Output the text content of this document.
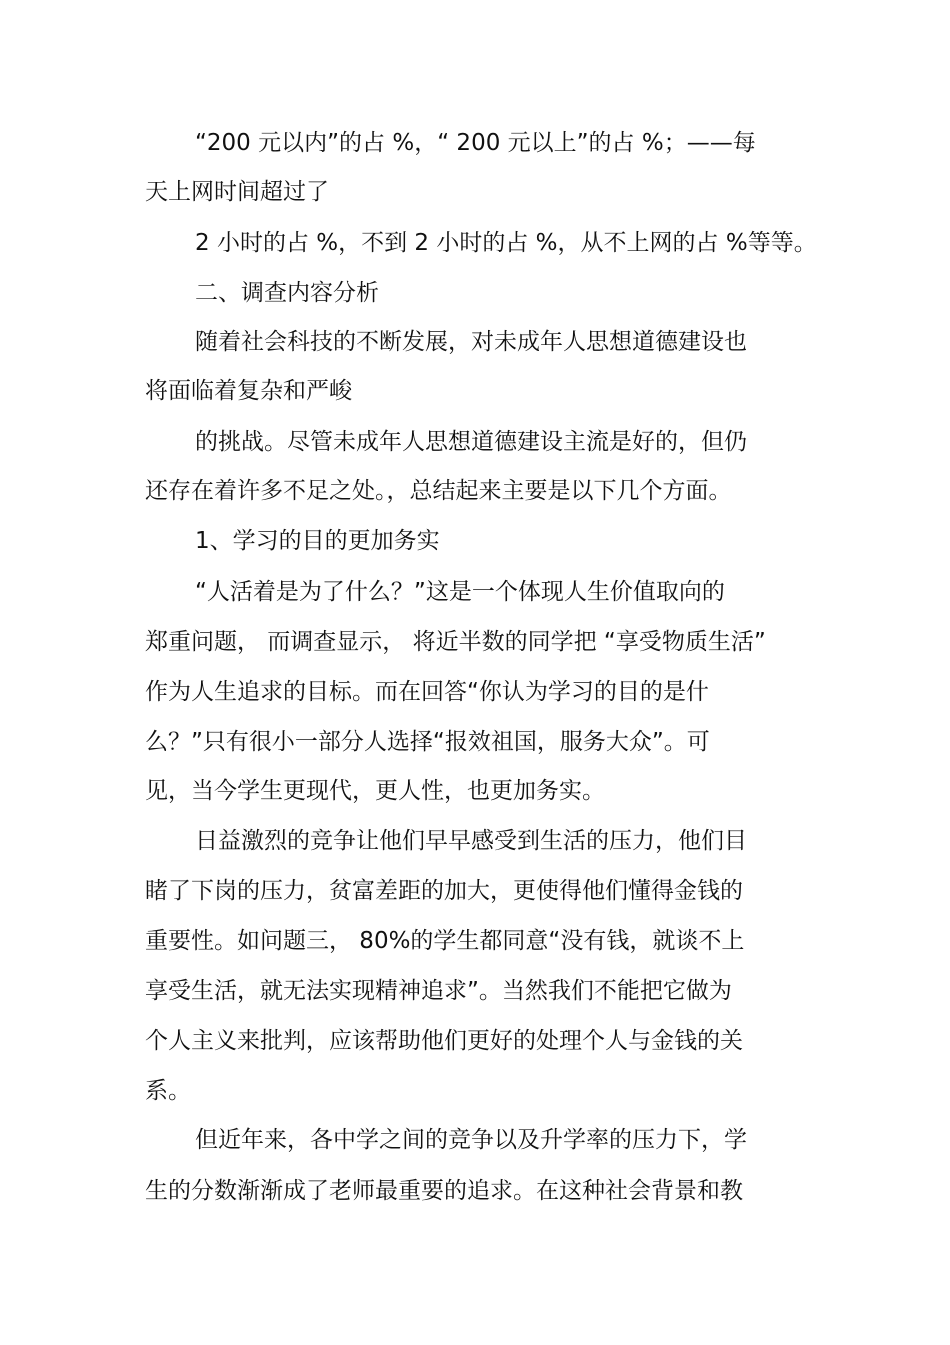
“200 元以内”的占 %，“ 200 元以上”的占 %；——每
天上网时间超过了
2 小时的占 %，不到 2 小时的占 %，从不上网的占 %等等。
二、调查内容分析
随着社会科技的不断发展，对未成年人思想道德建设也
将面临着复杂和严峻
的挑战。尽管未成年人思想道德建设主流是好的，但仍
还存在着许多不足之处。，总结起来主要是以下几个方面。
1、学习的目的更加务实
“人活着是为了什么？”这是一个体现人生价值取向的
郑重问题， 而调查显示， 将近半数的同学把 “享受物质生活”
作为人生追求的目标。而在回答“你认为学习的目的是什
么？”只有很小一部分人选择“报效祖国，服务大众”。可
见，当今学生更现代，更人性，也更加务实。
日益激烈的竞争让他们早早感受到生活的压力，他们目
睹了下岗的压力，贫富差距的加大，更使得他们懂得金钱的
重要性。如问题三， 80%的学生都同意“没有钱，就谈不上
享受生活，就无法实现精神追求”。当然我们不能把它做为
个人主义来批判，应该帮助他们更好的处理个人与金钱的关
系。
但近年来，各中学之间的竞争以及升学率的压力下，学
生的分数渐渐成了老师最重要的追求。在这种社会背景和教
